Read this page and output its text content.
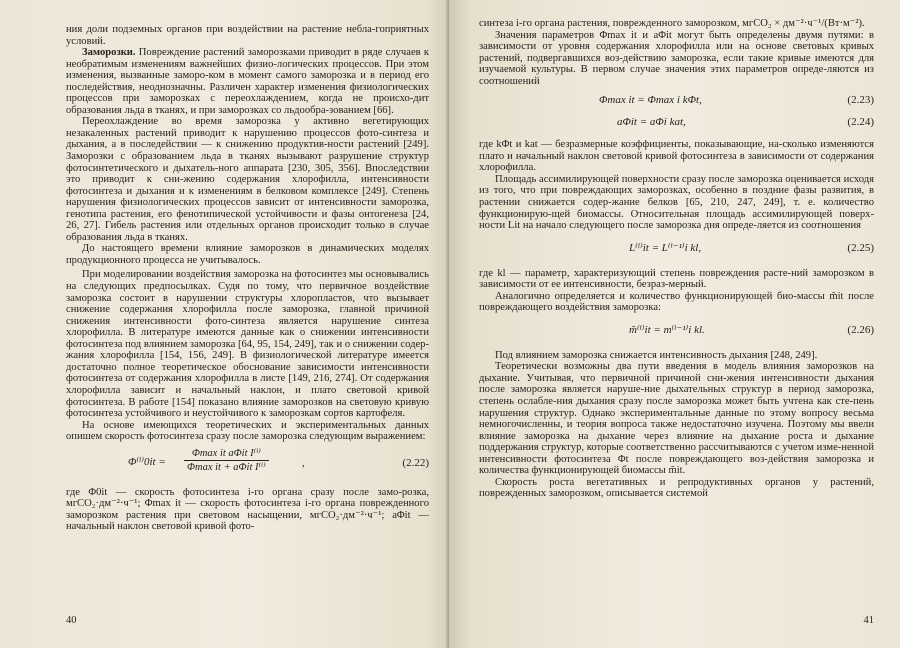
ния доли подземных органов при воздействии на растение небла-гоприятных условий.

Заморозки. Повреждение растений заморозками приводит в ряде случаев к необратимым изменениям важнейших физио-логических процессов. При этом изменения, вызванные заморо-ком в момент самого заморозка и в период его последействия, неоднозначны. Различен характер изменения физиологических процессов при заморозках с переохлаждением, когда не происхо-дит образования льда в тканях, и при заморозках со льдообра-зованием [66].

Переохлаждение во время заморозка у активно вегетирующих незакаленных растений приводит к нарушению процессов фото-синтеза и дыхания, а в последействии — к снижению продуктив-ности растений [249]. Заморозки с образованием льда в тканях вызывают разрушение структур фотосинтетического и дыхатель-ного аппарата [230, 305, 356]. Впоследствии это приводит к сни-жению содержания хлорофилла, интенсивности фотосинтеза и дыхания и к изменениям в белковом комплексе [249]. Степень нарушения физиологических процессов зависит от интенсивности заморозка, генотипа растения, его фенотипической устойчивости и фазы онтогенеза [24, 26, 27]. Гибель растения или отдельных органов происходит только в случае образования льда в тканях.

До настоящего времени влияние заморозков в динамических моделях продукционного процесса не учитывалось.

При моделировании воздействия заморозка на фотосинтез мы основывались на следующих предпосылках. Судя по тому, что первичное воздействие заморозка состоит в нарушении структуры хлоропластов, что вызывает снижение содержания хлорофилла после заморозка, главной причиной снижения интенсивности фото-синтеза является нарушение синтеза хлорофилла. В литературе имеются данные как о снижении интенсивности фотосинтеза под влиянием заморозка [64, 95, 154, 249], так и о снижении содер-жания хлорофилла [154, 156, 249]. В физиологической литературе имеется достаточно полное теоретическое обоснование зависимости интенсивности фотосинтеза от содержания хлорофилла в листе [149, 216, 274]. От содержания хлорофилла зависит и начальный наклон, и плато световой кривой фотосинтеза. В работе [154] показано влияние заморозков на световую кривую фотосинтеза устойчивого и неустойчивого к заморозкам сортов картофеля.

На основе имеющихся теоретических и экспериментальных данных опишем скорость фотосинтеза сразу после заморозка следующим выражением:

Φ⁽ⁱ⁾0it =
Φmax it aΦit I⁽ⁱ⁾
Φmax it + aΦit I⁽ⁱ⁾	,	(2.22)

где Φ0it — скорость фотосинтеза i-го органа сразу после замо-розка, мгCO₂·дм⁻²·ч⁻¹; Φmax it — скорость фотосинтеза i-го органа поврежденного заморозком растения при световом насыщении, мгCO₂·дм⁻²·ч⁻¹; aΦit — начальный наклон световой кривой фото-

40

синтеза i-го органа растения, поврежденного заморозком, мгCO₂ × дм⁻²·ч⁻¹/(Вт·м⁻²).

Значения параметров Φmax it и aΦit могут быть определены двумя путями: в зависимости от уровня содержания хлорофилла или на основе световых кривых растений, подвергавшихся воз-действию заморозка, если такие кривые имеются для изучаемой культуры. В первом случае значения этих параметров опреде-ляются из соотношений

Φmax it = Φmax i kΦt,	(2.23)
aΦit = aΦi kat,	(2.24)

где kΦt и kat — безразмерные коэффициенты, показывающие, на-сколько изменяются плато и начальный наклон световой кривой фотосинтеза в зависимости от содержания хлорофилла.

Площадь ассимилирующей поверхности сразу после заморозка оценивается исходя из того, что при повреждающих заморозках, особенно в поздние фазы развития, в растении снижается содер-жание белков [65, 210, 247, 249], т. е. количество функционирую-щей биомассы. Относительная площадь ассимилирующей поверх-ности Lit на начало следующего после заморозка дня опреде-ляется из соотношения

L⁽ⁱ⁾it = L⁽ⁱ⁻¹⁾i kl,	(2.25)

где kl — параметр, характеризующий степень повреждения расте-ний заморозком в зависимости от ее интенсивности, безраз-мерный.

Аналогично определяется и количество функционирующей био-массы m̃it после повреждающего воздействия заморозка:

m̃⁽ⁱ⁾it = m⁽ⁱ⁻¹⁾i kl.	(2.26)

Под влиянием заморозка снижается интенсивность дыхания [248, 249].

Теоретически возможны два пути введения в модель влияния заморозков на дыхание. Учитывая, что первичной причиной сни-жения интенсивности дыхания после заморозка является наруше-ние дыхательных структур в период заморозка, степень ослабле-ния дыхания сразу после заморозка может быть учтена как сте-пень нарушения структур. Однако экспериментальные данные по этому вопросу весьма немногочисленны, и теория вопроса также недостаточно изучена. Поэтому мы ввели влияние заморозка на дыхание через влияние на дыхание роста и дыхание поддержания структур, которые соответственно рассчитываются с учетом изме-ненной интенсивности фотосинтеза Φt после повреждающего воз-действия заморозка и количества функционирующей биомассы m̃it.

Скорость роста вегетативных и репродуктивных органов у растений, поврежденных заморозком, описывается системой

41
